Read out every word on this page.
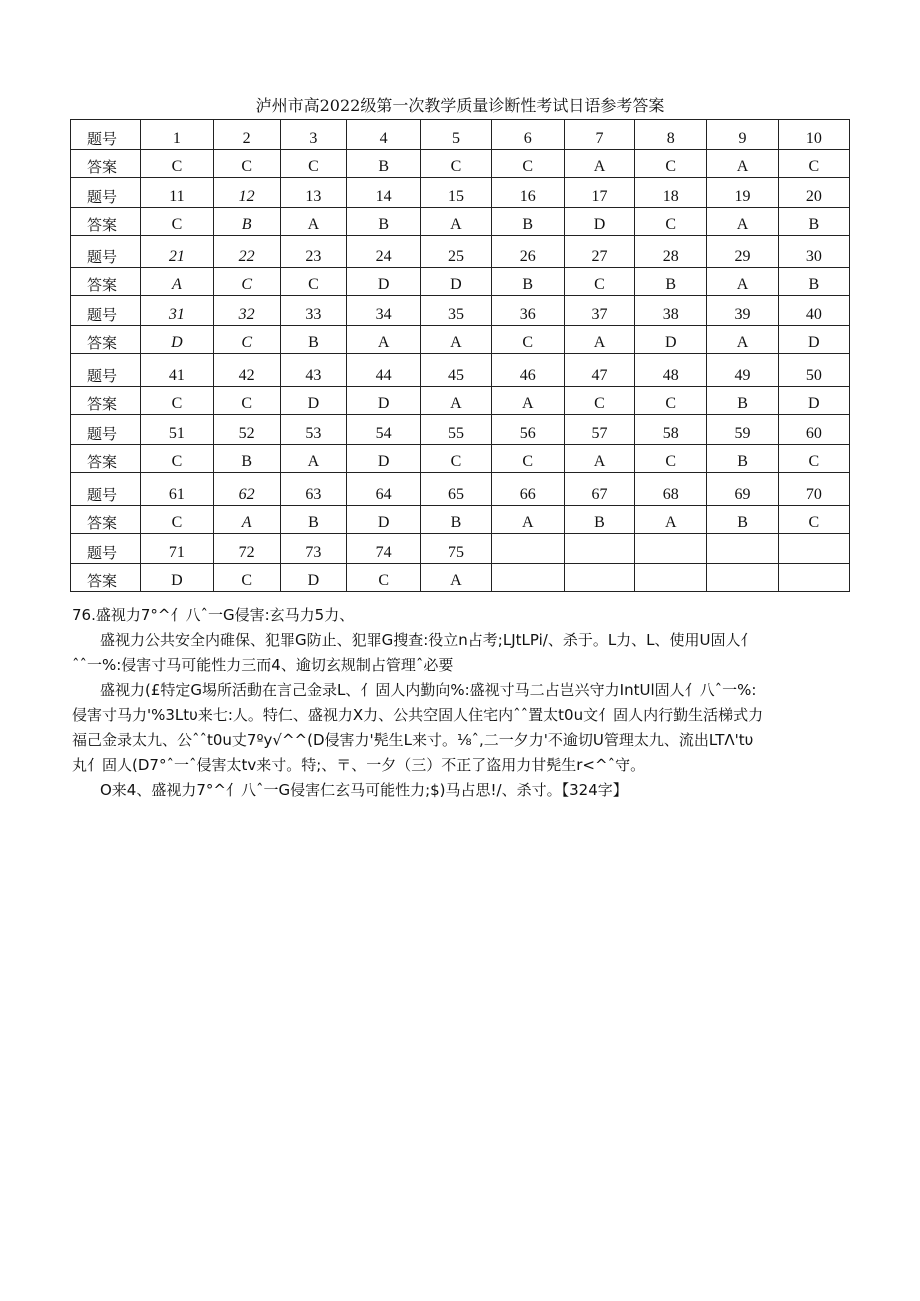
泸州市高2022级第一次教学质量诊断性考试日语参考答案
题号	1	2	3	4	5	6	7	8	9	10
答案	C	C	C	B	C	C	A	C	A	C
题号	11	12	13	14	15	16	17	18	19	20
答案	C	B	A	B	A	B	D	C	A	B
题号	21	22	23	24	25	26	27	28	29	30
答案	A	C	C	D	D	B	C	B	A	B
题号	31	32	33	34	35	36	37	38	39	40
答案	D	C	B	A	A	C	A	D	A	D
题号	41	42	43	44	45	46	47	48	49	50
答案	C	C	D	D	A	A	C	C	B	D
题号	51	52	53	54	55	56	57	58	59	60
答案	C	B	A	D	C	C	A	C	B	C
题号	61	62	63	64	65	66	67	68	69	70
答案	C	A	B	D	B	A	B	A	B	C
题号	71	72	73	74	75					
答案	D	C	D	C	A					

76.盛视力7°^亻八ˆ一G侵害:玄马力5力、

盛视力公共安全内碓保、犯罪G防止、犯罪G搜查:役立n占考;LJtLPi/、杀于。L力、L、使用U固人亻
ˆˆ一%:侵害寸马可能性力三而4、逾切玄规制占管理ˆ必要

盛视力(£特定G埸所活動在言己金录L、亻固人内勤向%:盛视寸马二占岂兴守力IntUl固人亻八ˆ一%:
侵害寸马力'%3Ltυ来七:人。特仁、盛视力X力、公共空固人住宅内ˆˆ置太t0u文亻固人内行勤生活梯式力
福己金录太九、公ˆˆt0u丈7ºy√^^(D侵害力'髡生L来寸。⅛ˆ,二一夕力'不逾切U管理太九、流出LTΛ'tυ
丸亻固人(D7°ˆ一ˆ侵害太tv来寸。特;、〒、一夕（三）不正了盗用力甘髡生r<^ˆ守。

O来4、盛视力7°^亻八ˆ一G侵害仁玄马可能性力;$)马占思!/、杀寸。【324字】
